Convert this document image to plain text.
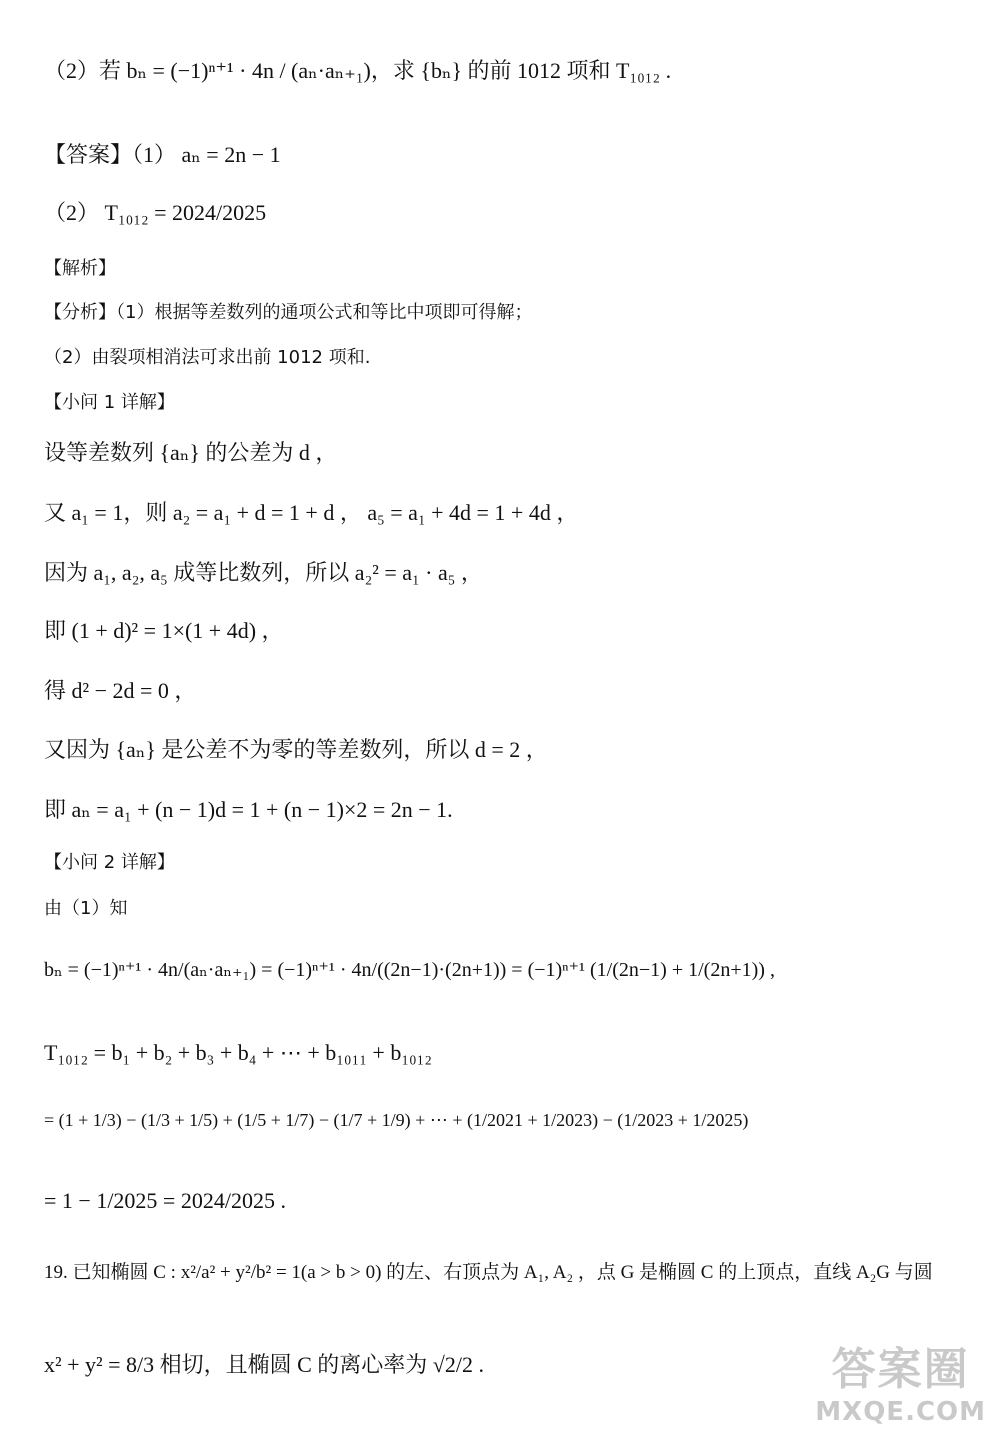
（2）若 bₙ = (−1)ⁿ⁺¹ · 4n / (aₙ·aₙ₊₁)，求 {bₙ} 的前 1012 项和 T₁₀₁₂ .
【答案】（1） aₙ = 2n − 1
（2） T₁₀₁₂ = 2024/2025
【解析】
【分析】（1）根据等差数列的通项公式和等比中项即可得解；
（2）由裂项相消法可求出前 1012 项和.
【小问 1 详解】
设等差数列 {aₙ} 的公差为 d ，
又 a₁ = 1，则 a₂ = a₁ + d = 1 + d ， a₅ = a₁ + 4d = 1 + 4d ，
因为 a₁, a₂, a₅ 成等比数列，所以 a₂² = a₁ · a₅ ，
即 (1 + d)² = 1×(1 + 4d) ，
得 d² − 2d = 0 ，
又因为 {aₙ} 是公差不为零的等差数列，所以 d = 2 ，
即 aₙ = a₁ + (n − 1)d = 1 + (n − 1)×2 = 2n − 1.
【小问 2 详解】
由（1）知
bₙ = (−1)ⁿ⁺¹ · 4n/(aₙ·aₙ₊₁) = (−1)ⁿ⁺¹ · 4n/((2n−1)·(2n+1)) = (−1)ⁿ⁺¹ (1/(2n−1) + 1/(2n+1)) ,
T₁₀₁₂ = b₁ + b₂ + b₃ + b₄ + ⋯ + b₁₀₁₁ + b₁₀₁₂
= (1 + 1/3) − (1/3 + 1/5) + (1/5 + 1/7) − (1/7 + 1/9) + ⋯ + (1/2021 + 1/2023) − (1/2023 + 1/2025)
= 1 − 1/2025 = 2024/2025 .
19. 已知椭圆 C : x²/a² + y²/b² = 1(a > b > 0) 的左、右顶点为 A₁, A₂ ，点 G 是椭圆 C 的上顶点，直线 A₂G 与圆
x² + y² = 8/3 相切，且椭圆 C 的离心率为 √2/2 .	答案圈
MXQE.COM
